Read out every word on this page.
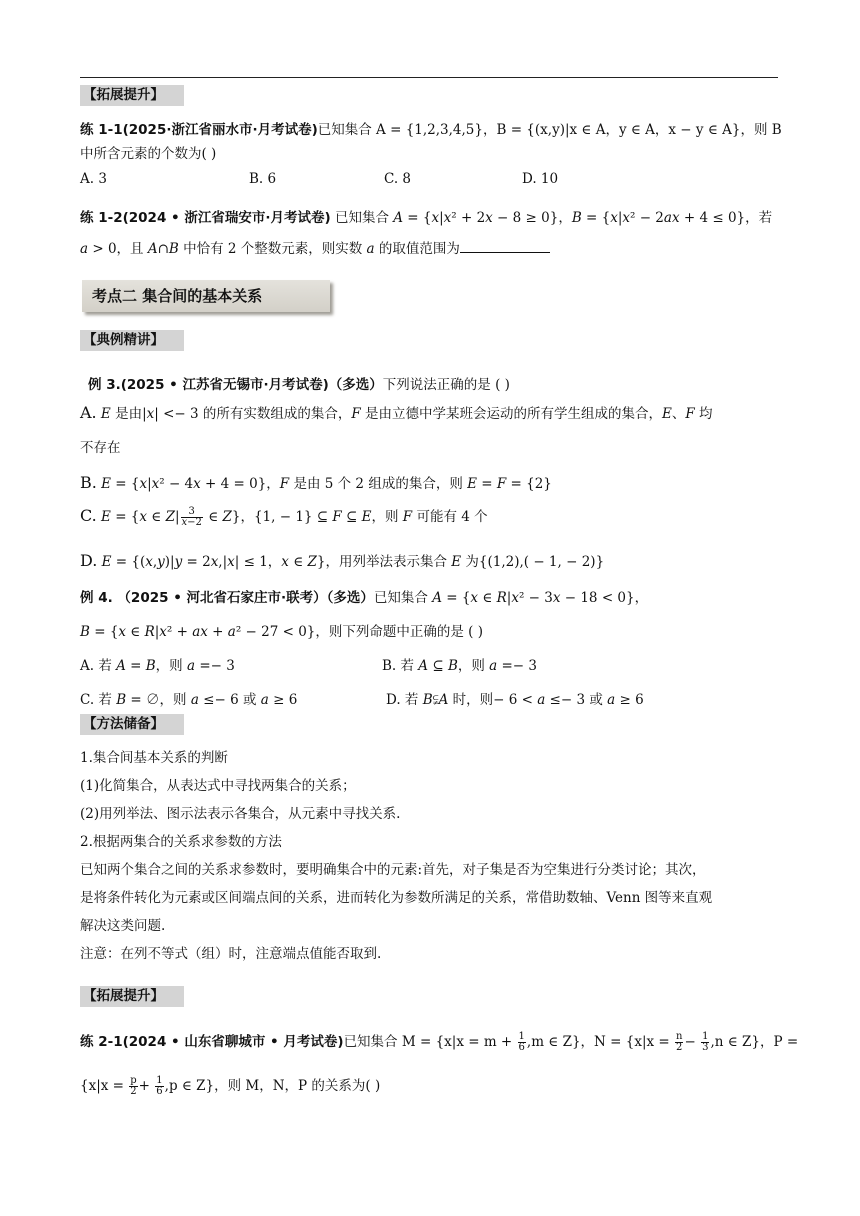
【拓展提升】
练 1-1(2025·浙江省丽水市·月考试卷)已知集合 A = {1,2,3,4,5}，B = {(x,y)|x ∈ A，y ∈ A，x − y ∈ A}，则 B
中所含元素的个数为( )
A. 3	B. 6	C. 8	D. 10
练 1-2(2024 • 浙江省瑞安市·月考试卷) 已知集合 𝐴 = {𝑥|𝑥² + 2𝑥 − 8 ≥ 0}，𝐵 = {𝑥|𝑥² − 2𝑎𝑥 + 4 ≤ 0}，若
𝑎 > 0，且 𝐴∩𝐵 中恰有 2 个整数元素，则实数 𝑎 的取值范围为
考点二 集合间的基本关系
【典例精讲】
例 3.(2025 • 江苏省无锡市·月考试卷)（多选）下列说法正确的是 ( )
A. 𝐸 是由|𝑥| <− 3 的所有实数组成的集合，𝐹 是由立德中学某班会运动的所有学生组成的集合，𝐸、𝐹 均
不存在
B. 𝐸 = {𝑥|𝑥² − 4𝑥 + 4 = 0}，𝐹 是由 5 个 2 组成的集合，则 𝐸 = 𝐹 = {2}
C. 𝐸 = {𝑥 ∈ 𝑍| $\frac{3}{\text{𝑥−2}}$ ∈ 𝑍}，{1, − 1} ⊆ 𝐹 ⊆ 𝐸，则 𝐹 可能有 4 个
D. 𝐸 = {(𝑥,𝑦)|𝑦 = 2𝑥,|𝑥| ≤ 1，𝑥 ∈ 𝑍}，用列举法表示集合 𝐸 为{(1,2),( − 1, − 2)}
例 4. （2025 • 河北省石家庄市·联考）（多选）已知集合 𝐴 = {𝑥 ∈ 𝑅|𝑥² − 3𝑥 − 18 < 0}，
𝐵 = {𝑥 ∈ 𝑅|𝑥² + 𝑎𝑥 + 𝑎² − 27 < 0}，则下列命题中正确的是 ( )
A. 若 𝐴 = 𝐵，则 𝑎 =− 3	B. 若 𝐴 ⊆ 𝐵，则 𝑎 =− 3
C. 若 𝐵 = ∅，则 𝑎 ≤− 6 或 𝑎 ≥ 6	D. 若 𝐵⫋𝐴 时，则− 6 < 𝑎 ≤− 3 或 𝑎 ≥ 6
【方法储备】
1.集合间基本关系的判断
(1)化简集合，从表达式中寻找两集合的关系；
(2)用列举法、图示法表示各集合，从元素中寻找关系.
2.根据两集合的关系求参数的方法
已知两个集合之间的关系求参数时，要明确集合中的元素:首先，对子集是否为空集进行分类讨论；其次，
是将条件转化为元素或区间端点间的关系，进而转化为参数所满足的关系，常借助数轴、Venn 图等来直观
解决这类问题.
注意：在列不等式（组）时，注意端点值能否取到.
【拓展提升】
练 2-1(2024 • 山东省聊城市 • 月考试卷)已知集合 $M = \{x|x = m + \frac{1}{6} ,m$ ∈ Z}，$N = \{x|x = \frac{n}{2} - \frac{1}{3} ,n$ ∈ Z}，P =
{$x|x = \frac{p}{2} + \frac{1}{6} ,p$ ∈ Z}，则 M，N，P 的关系为( )
